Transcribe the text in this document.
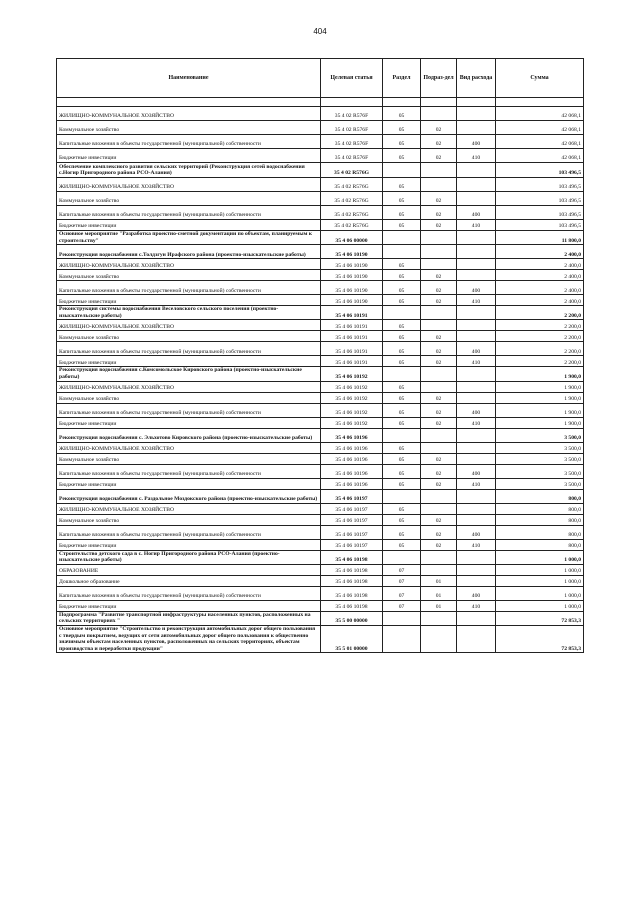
404
Наименование	Целевая статья	Раздел	Подраз-дел	Вид расхода	Сумма

ЖИЛИЩНО-КОММУНАЛЬНОЕ ХОЗЯЙСТВО	35 4 02 R576F	05			42 068,1
Коммунальное хозяйство	35 4 02 R576F	05	02		42 068,1
Капитальные вложения в объекты государственной (муниципальной) собственности	35 4 02 R576F	05	02	400	42 068,1
Бюджетные инвестиции	35 4 02 R576F	05	02	410	42 068,1
Обеспечение комплексного развития сельских территорий (Реконструкция сетей водоснабжения с.Ногир Пригородного района РСО-Алания)	35 4 02 R576G				103 496,5
ЖИЛИЩНО-КОММУНАЛЬНОЕ ХОЗЯЙСТВО	35 4 02 R576G	05			103 496,5
Коммунальное хозяйство	35 4 02 R576G	05	02		103 496,5
Капитальные вложения в объекты государственной (муниципальной) собственности	35 4 02 R576G	05	02	400	103 496,5
Бюджетные инвестиции	35 4 02 R576G	05	02	410	103 496,5
Основное мероприятие "Разработка проектно-сметной документации по объектам, планируемым к строительству"	35 4 06 00000				11 800,0
Реконструкция водоснабжения с.Толдзгун Ирафского района (проектно-изыскательские работы)	35 4 06 10190				2 400,0
ЖИЛИЩНО-КОММУНАЛЬНОЕ ХОЗЯЙСТВО	35 4 06 10190	05			2 400,0
Коммунальное хозяйство	35 4 06 10190	05	02		2 400,0
Капитальные вложения в объекты государственной (муниципальной) собственности	35 4 06 10190	05	02	400	2 400,0
Бюджетные инвестиции	35 4 06 10190	05	02	410	2 400,0
Реконструкция системы водоснабжения Веселовского сельского поселения (проектно-изыскательские работы)	35 4 06 10191				2 200,0
ЖИЛИЩНО-КОММУНАЛЬНОЕ ХОЗЯЙСТВО	35 4 06 10191	05			2 200,0
Коммунальное хозяйство	35 4 06 10191	05	02		2 200,0
Капитальные вложения в объекты государственной (муниципальной) собственности	35 4 06 10191	05	02	400	2 200,0
Бюджетные инвестиции	35 4 06 10191	05	02	410	2 200,0
Реконструкция водоснабжения с.Комсомольское Кировского района (проектно-изыскательские работы)	35 4 06 10192				1 900,0
ЖИЛИЩНО-КОММУНАЛЬНОЕ ХОЗЯЙСТВО	35 4 06 10192	05			1 900,0
Коммунальное хозяйство	35 4 06 10192	05	02		1 900,0
Капитальные вложения в объекты государственной (муниципальной) собственности	35 4 06 10192	05	02	400	1 900,0
Бюджетные инвестиции	35 4 06 10192	05	02	410	1 900,0
Реконструкция водоснабжения с. Эльхотово Кировского района (проектно-изыскательские работы)	35 4 06 10196				3 500,0
ЖИЛИЩНО-КОММУНАЛЬНОЕ ХОЗЯЙСТВО	35 4 06 10196	05			3 500,0
Коммунальное хозяйство	35 4 06 10196	05	02		3 500,0
Капитальные вложения в объекты государственной (муниципальной) собственности	35 4 06 10196	05	02	400	3 500,0
Бюджетные инвестиции	35 4 06 10196	05	02	410	3 500,0
Реконструкция водоснабжения с. Раздольное Моздокского района (проектно-изыскательские работы)	35 4 06 10197				800,0
ЖИЛИЩНО-КОММУНАЛЬНОЕ ХОЗЯЙСТВО	35 4 06 10197	05			800,0
Коммунальное хозяйство	35 4 06 10197	05	02		800,0
Капитальные вложения в объекты государственной (муниципальной) собственности	35 4 06 10197	05	02	400	800,0
Бюджетные инвестиции	35 4 06 10197	05	02	410	800,0
Строительство детского сада в с. Ногир Пригородного района РСО-Алания (проектно-изыскательские работы)	35 4 06 10198				1 000,0
ОБРАЗОВАНИЕ	35 4 06 10198	07			1 000,0
Дошкольное образование	35 4 06 10198	07	01		1 000,0
Капитальные вложения в объекты государственной (муниципальной) собственности	35 4 06 10198	07	01	400	1 000,0
Бюджетные инвестиции	35 4 06 10198	07	01	410	1 000,0
Подпрограмма "Развитие транспортной инфраструктуры населенных пунктов, расположенных на сельских территориях "	35 5 00 00000				72 853,3
Основное мероприятие "Строительство и реконструкция автомобильных дорог общего пользования с твердым покрытием, ведущих от сети автомобильных дорог общего пользования к общественно значимым объектам населенных пунктов, расположенных на сельских территориях, объектам производства и переработки продукции"	35 5 01 00000				72 853,3
